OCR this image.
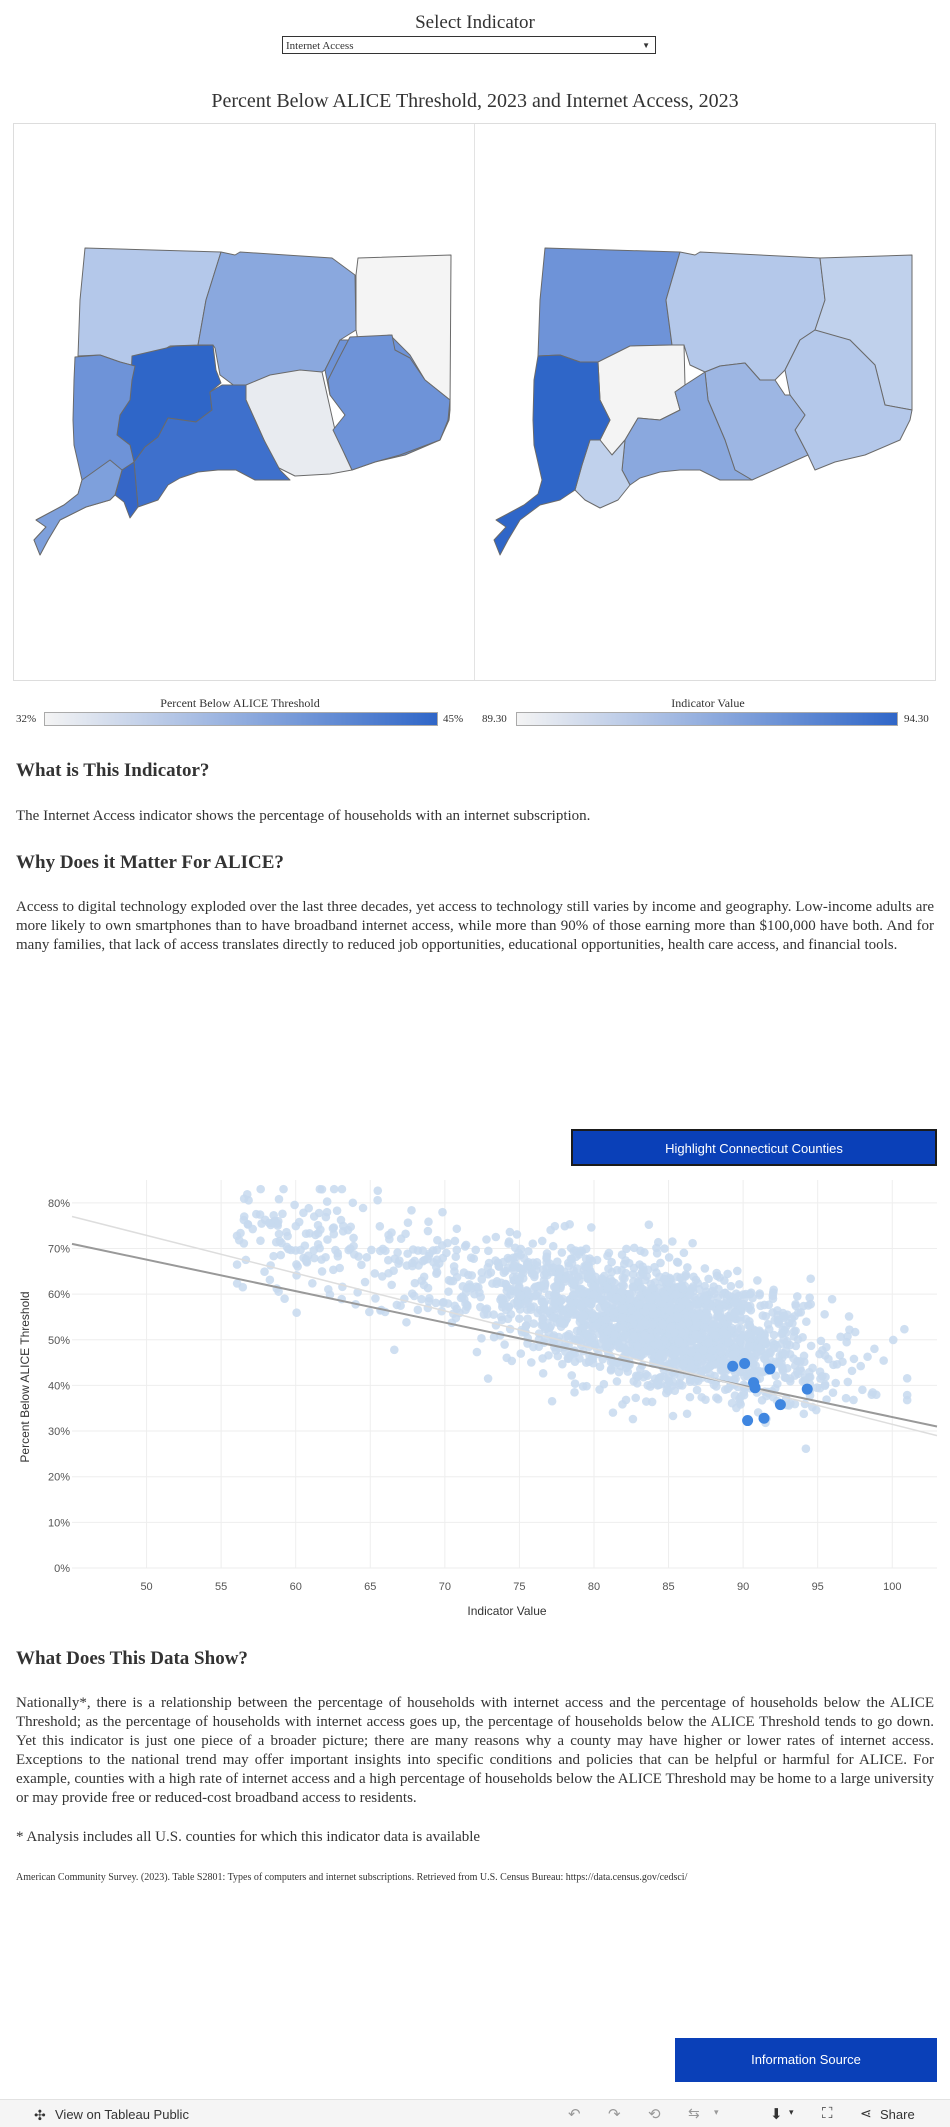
Select Indicator
Internet Access	▼
Percent Below ALICE Threshold, 2023 and Internet Access, 2023
Percent Below ALICE Threshold
32%	45%
Indicator Value
89.30	94.30
What is This Indicator?
The Internet Access indicator shows the percentage of households with an internet subscription.
Why Does it Matter For ALICE?
Access to digital technology exploded over the last three decades, yet access to technology still varies by income and geography. Low-income adults are more likely to own smartphones than to have broadband internet access, while more than 90% of those earning more than $100,000 have both. And for many families, that lack of access translates directly to reduced job opportunities, educational opportunities, health care access, and financial tools.
Highlight Connecticut Counties
50	55	60	65	70	75	80	85	90	95	100
0%
10%
20%
30%
40%
50%
60%
70%
80%
Indicator Value
Percent Below ALICE Threshold
What Does This Data Show?
Nationally*, there is a relationship between the percentage of households with internet access and the percentage of households below the ALICE Threshold; as the percentage of households with internet access goes up, the percentage of households below the ALICE Threshold tends to go down. Yet this indicator is just one piece of a broader picture; there are many reasons why a county may have higher or lower rates of internet access. Exceptions to the national trend may offer important insights into specific conditions and policies that can be helpful or harmful for ALICE. For example, counties with a high rate of internet access and a high percentage of households below the ALICE Threshold may be home to a large university or may provide free or reduced-cost broadband access to residents.
* Analysis includes all U.S. counties for which this indicator data is available
American Community Survey. (2023). Table S2801: Types of computers and internet subscriptions. Retrieved from U.S. Census Bureau: https://data.census.gov/cedsci/
Information Source
✣ View on Tableau Public	↶ ↷ ⟲ ⇆ ▾	⬇ ▾ ⛶ ⋖ Share
